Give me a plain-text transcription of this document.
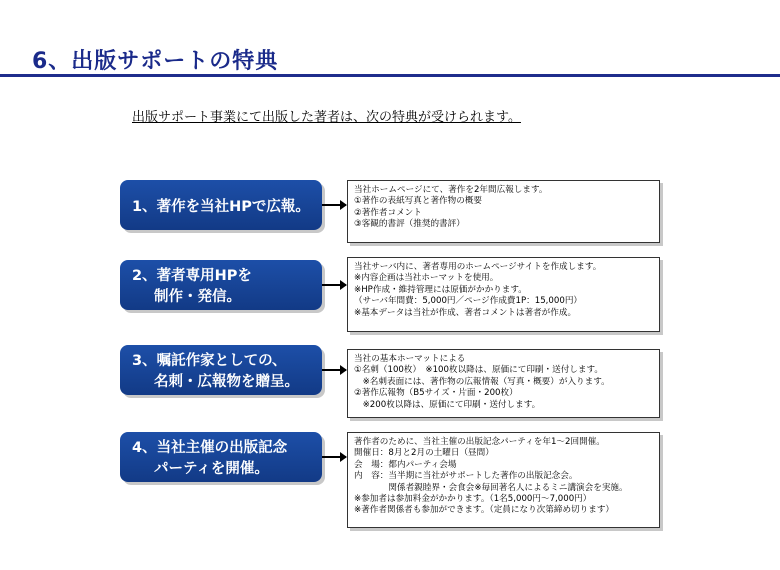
6、出版サポートの特典
出版サポート事業にて出版した著者は、次の特典が受けられます。
1、著作を当社HPで広報。
当社ホームページにて、著作を2年間広報します。
①著作の表紙写真と著作物の概要
②著作者コメント
③客観的書評（推奨的書評）
2、著者専用HPを
制作・発信。
当社サーバ内に、著者専用のホームページサイトを作成します。
※内容企画は当社ホーマットを使用。
※HP作成・維持管理には原価がかかります。
（サーバ年間費：5,000円／ページ作成費1P：15,000円）
※基本データは当社が作成、著者コメントは著者が作成。
3、嘱託作家としての、
名刺・広報物を贈呈。
当社の基本ホーマットによる
①名刺（100枚）　※100枚以降は、原価にて印刷・送付します。
　※名刺表面には、著作物の広報情報（写真・概要）が入ります。
②著作広報物（B5サイズ・片面・200枚）
　※200枚以降は、原価にて印刷・送付します。
4、当社主催の出版記念
パーティを開催。
著作者のために、当社主催の出版記念パーティを年1～2回開催。
開催日：8月と2月の土曜日（昼間）
会　場：都内パーティ会場
内　容：当半期に当社がサポートした著作の出版記念会。
　　　　関係者親睦界・会食会※毎回著名人によるミニ講演会を実施。
※参加者は参加料金がかかります。（1名5,000円～7,000円）
※著作者関係者も参加ができます。（定員になり次第締め切ります）
